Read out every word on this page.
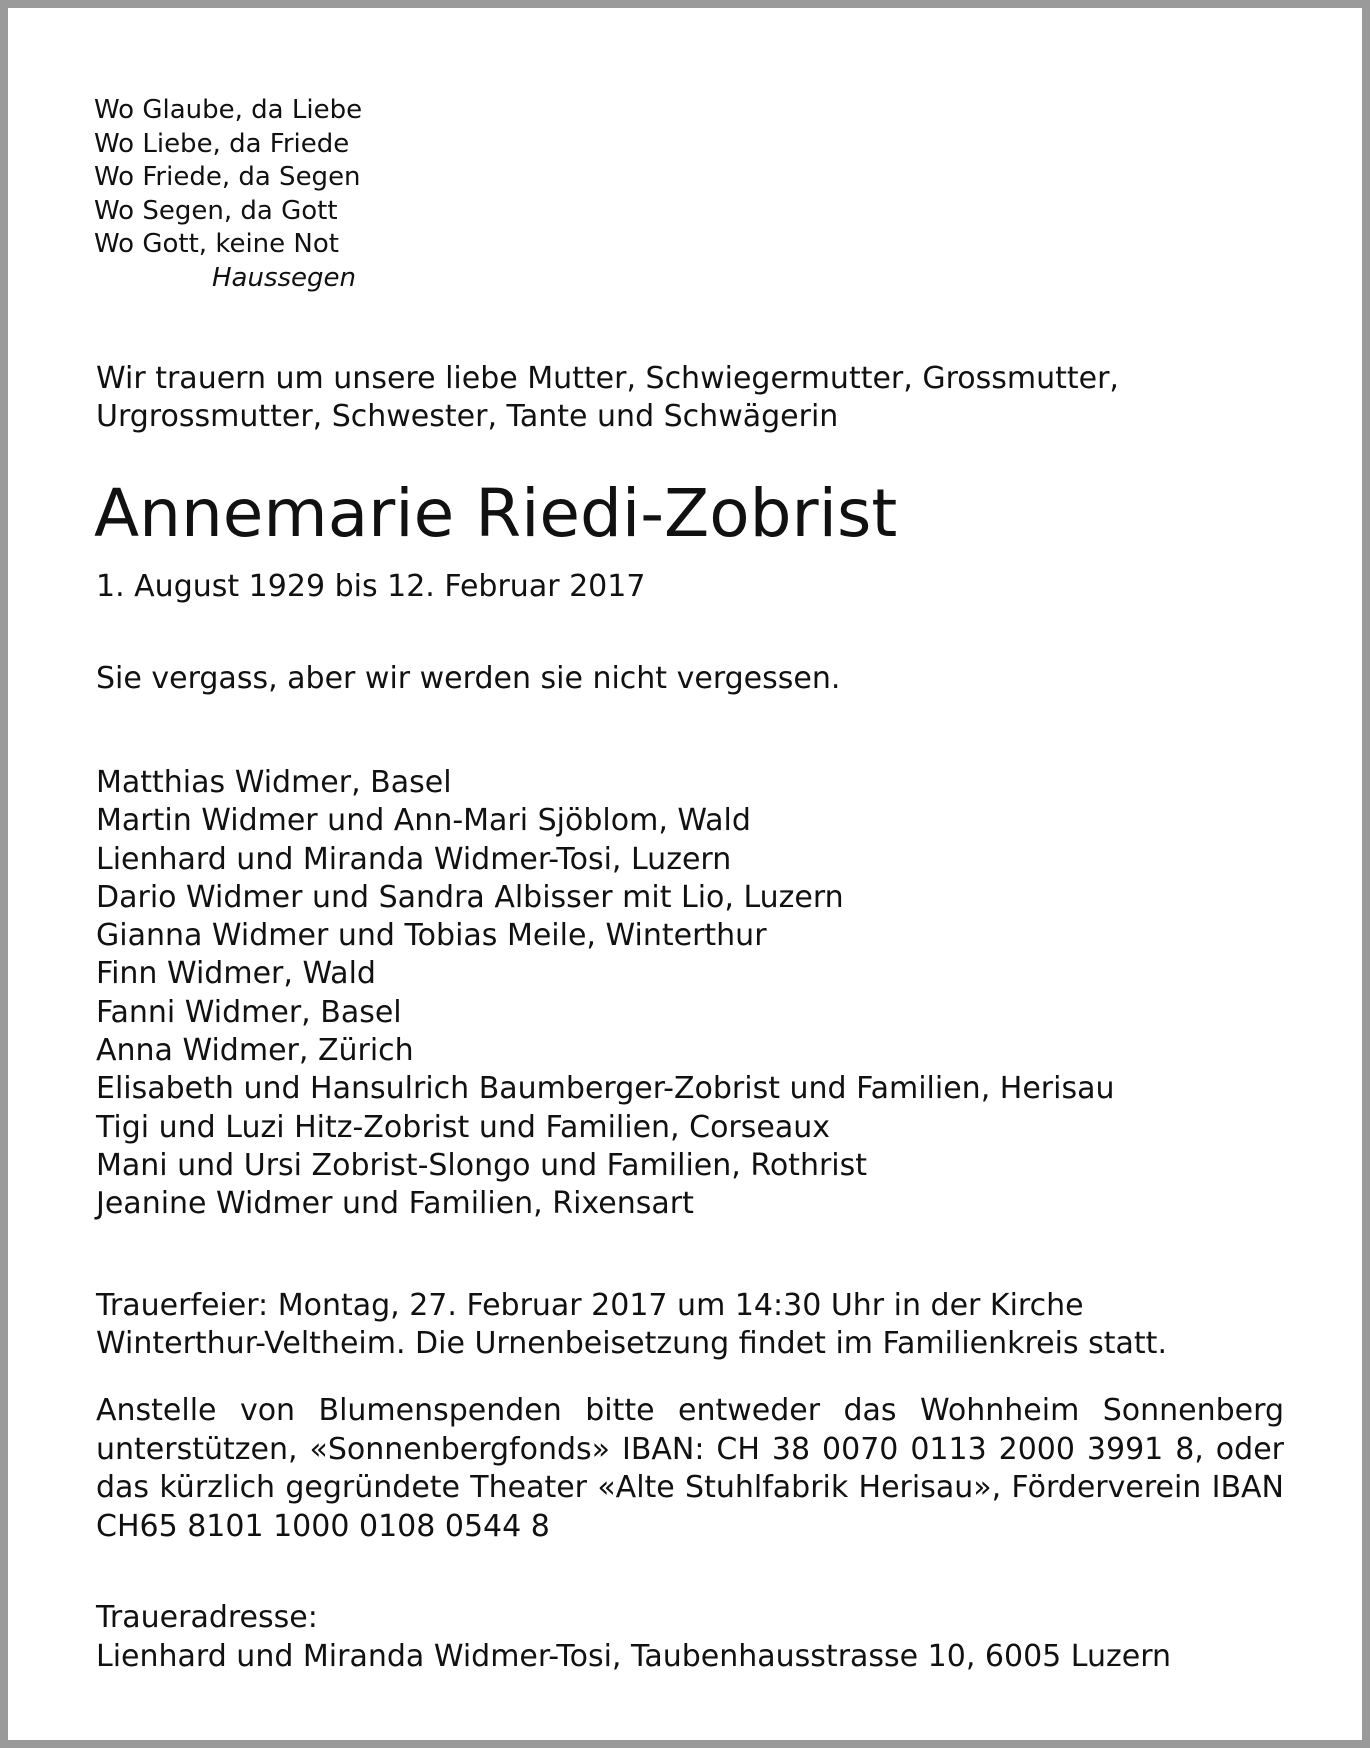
Wo Glaube, da Liebe
Wo Liebe, da Friede
Wo Friede, da Segen
Wo Segen, da Gott
Wo Gott, keine Not
Haussegen
Wir trauern um unsere liebe Mutter, Schwiegermutter, Grossmutter,
Urgrossmutter, Schwester, Tante und Schwägerin
Annemarie Riedi-Zobrist
1. August 1929 bis 12. Februar 2017
Sie vergass, aber wir werden sie nicht vergessen.
Matthias Widmer, Basel
Martin Widmer und Ann-Mari Sjöblom, Wald
Lienhard und Miranda Widmer-Tosi, Luzern
Dario Widmer und Sandra Albisser mit Lio, Luzern
Gianna Widmer und Tobias Meile, Winterthur
Finn Widmer, Wald
Fanni Widmer, Basel
Anna Widmer, Zürich
Elisabeth und Hansulrich Baumberger-Zobrist und Familien, Herisau
Tigi und Luzi Hitz-Zobrist und Familien, Corseaux
Mani und Ursi Zobrist-Slongo und Familien, Rothrist
Jeanine Widmer und Familien, Rixensart
Trauerfeier: Montag, 27. Februar 2017 um 14:30 Uhr in der Kirche
Winterthur-Veltheim. Die Urnenbeisetzung findet im Familienkreis statt.
Anstelle von Blumenspenden bitte entweder das Wohnheim Sonnenberg unterstützen, «Sonnenbergfonds» IBAN: CH 38 0070 0113 2000 3991 8, oder das kürzlich gegründete Theater «Alte Stuhlfabrik Herisau», Förderverein IBAN CH65 8101 1000 0108 0544 8
Traueradresse:
Lienhard und Miranda Widmer-Tosi, Taubenhausstrasse 10, 6005 Luzern
